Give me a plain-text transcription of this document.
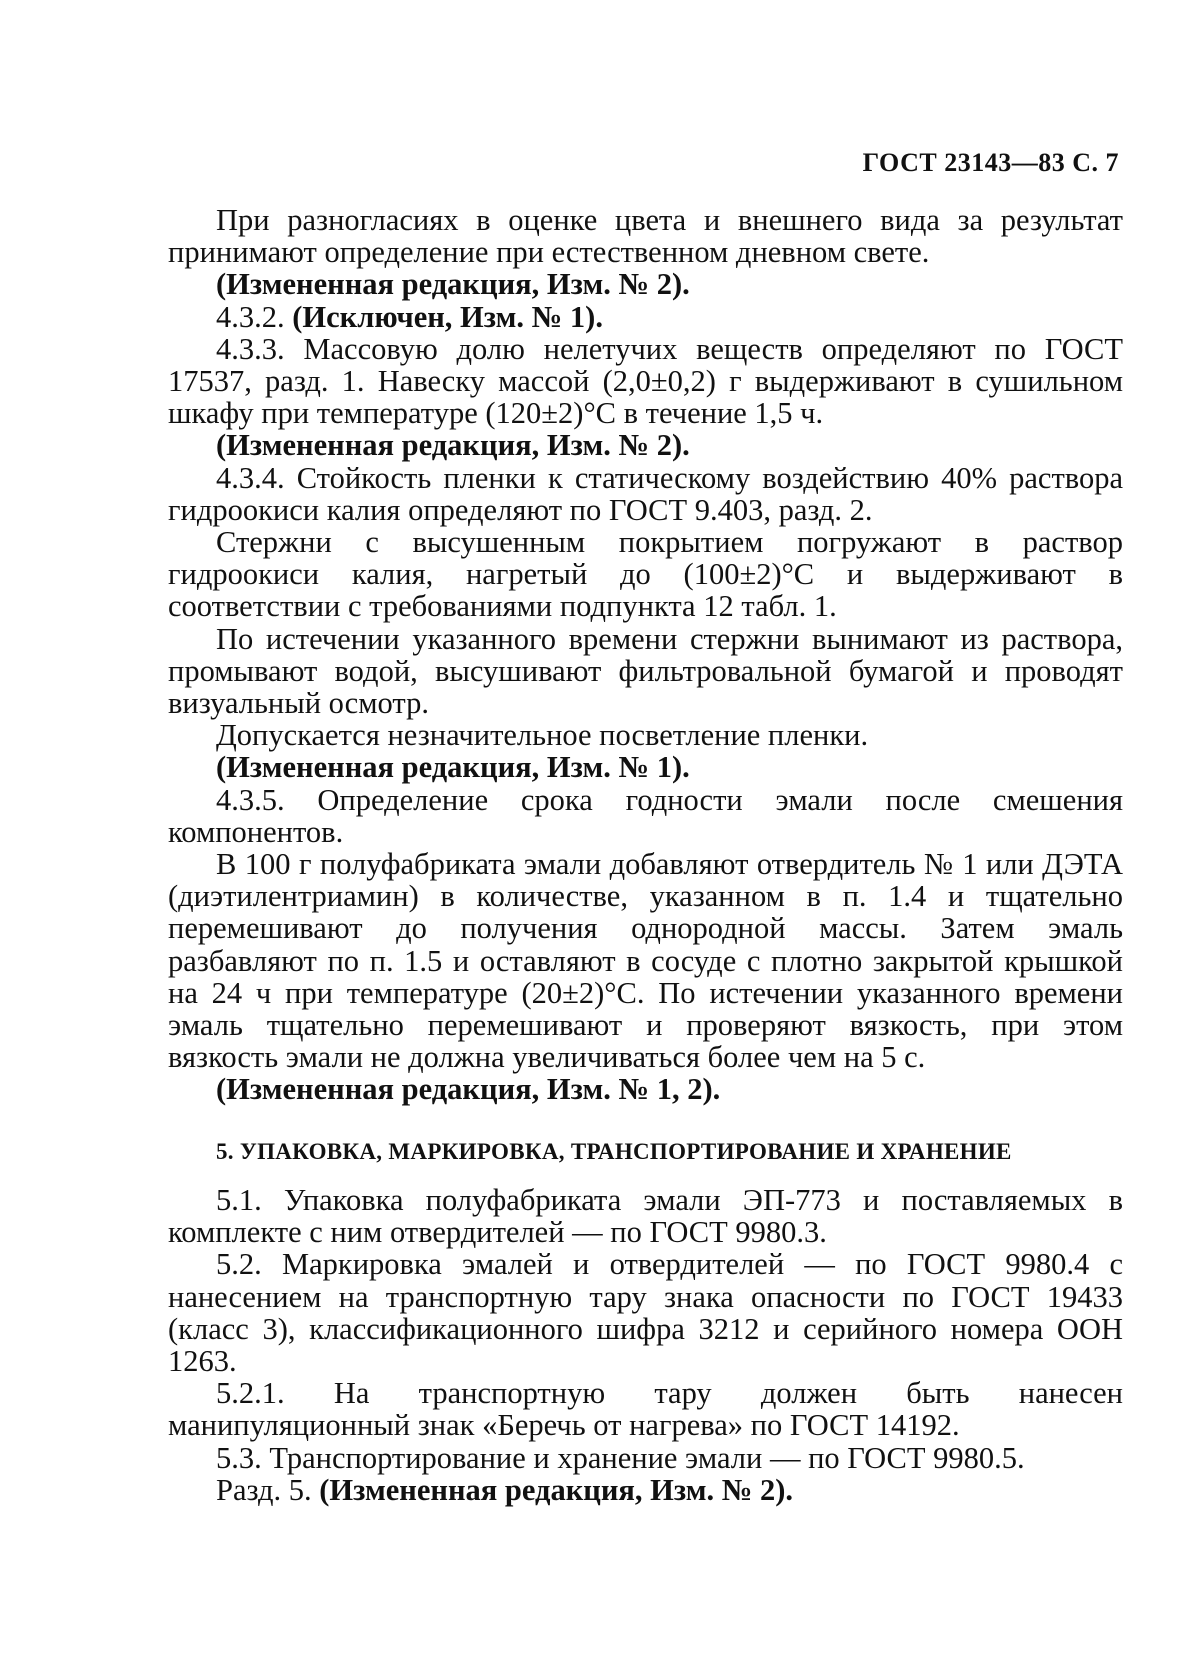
ГОСТ 23143—83 С. 7

При разногласиях в оценке цвета и внешнего вида за результат принимают определение при естественном дневном свете.

(Измененная редакция, Изм. № 2).

4.3.2. (Исключен, Изм. № 1).

4.3.3. Массовую долю нелетучих веществ определяют по ГОСТ 17537, разд. 1. Навеску массой (2,0±0,2) г выдерживают в сушильном шкафу при температуре (120±2)°С в течение 1,5 ч.

(Измененная редакция, Изм. № 2).

4.3.4. Стойкость пленки к статическому воздействию 40% раствора гидроокиси калия определяют по ГОСТ 9.403, разд. 2.

Стержни с высушенным покрытием погружают в раствор гидроокиси калия, нагретый до (100±2)°С и выдерживают в соответствии с требованиями подпункта 12 табл. 1.

По истечении указанного времени стержни вынимают из раствора, промывают водой, высушивают фильтровальной бумагой и проводят визуальный осмотр.

Допускается незначительное посветление пленки.

(Измененная редакция, Изм. № 1).

4.3.5. Определение срока годности эмали после смешения компонентов.

В 100 г полуфабриката эмали добавляют отвердитель № 1 или ДЭТА (диэтилентриамин) в количестве, указанном в п. 1.4 и тщательно перемешивают до получения однородной массы. Затем эмаль разбавляют по п. 1.5 и оставляют в сосуде с плотно закрытой крышкой на 24 ч при температуре (20±2)°С. По истечении указанного времени эмаль тщательно перемешивают и проверяют вязкость, при этом вязкость эмали не должна увеличиваться более чем на 5 с.

(Измененная редакция, Изм. № 1, 2).

5. УПАКОВКА, МАРКИРОВКА, ТРАНСПОРТИРОВАНИЕ И ХРАНЕНИЕ

5.1. Упаковка полуфабриката эмали ЭП-773 и поставляемых в комплекте с ним отвердителей — по ГОСТ 9980.3.

5.2. Маркировка эмалей и отвердителей — по ГОСТ 9980.4 с нанесением на транспортную тару знака опасности по ГОСТ 19433 (класс 3), классификационного шифра 3212 и серийного номера ООН 1263.

5.2.1. На транспортную тару должен быть нанесен манипуляционный знак «Беречь от нагрева» по ГОСТ 14192.

5.3. Транспортирование и хранение эмали — по ГОСТ 9980.5.

Разд. 5. (Измененная редакция, Изм. № 2).
